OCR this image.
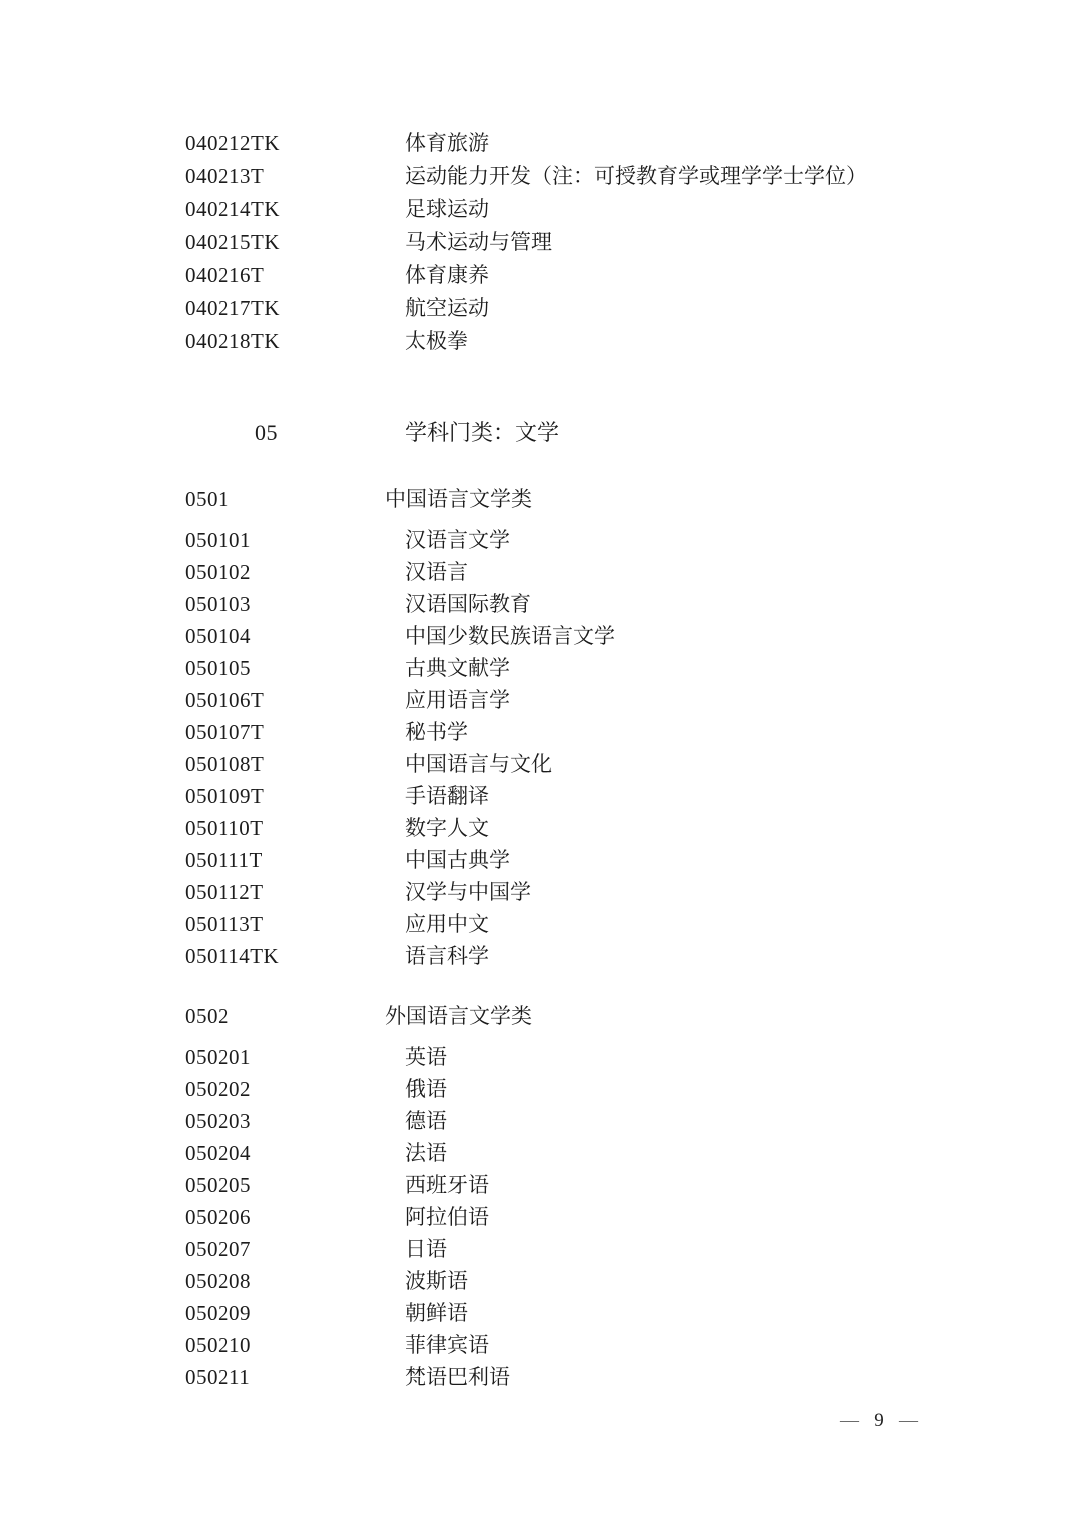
040212TK	体育旅游
040213T	运动能力开发（注：可授教育学或理学学士学位）
040214TK	足球运动
040215TK	马术运动与管理
040216T	体育康养
040217TK	航空运动
040218TK	太极拳
05	学科门类：文学
0501	中国语言文学类
050101	汉语言文学
050102	汉语言
050103	汉语国际教育
050104	中国少数民族语言文学
050105	古典文献学
050106T	应用语言学
050107T	秘书学
050108T	中国语言与文化
050109T	手语翻译
050110T	数字人文
050111T	中国古典学
050112T	汉学与中国学
050113T	应用中文
050114TK	语言科学
0502	外国语言文学类
050201	英语
050202	俄语
050203	德语
050204	法语
050205	西班牙语
050206	阿拉伯语
050207	日语
050208	波斯语
050209	朝鲜语
050210	菲律宾语
050211	梵语巴利语
— 9 —
